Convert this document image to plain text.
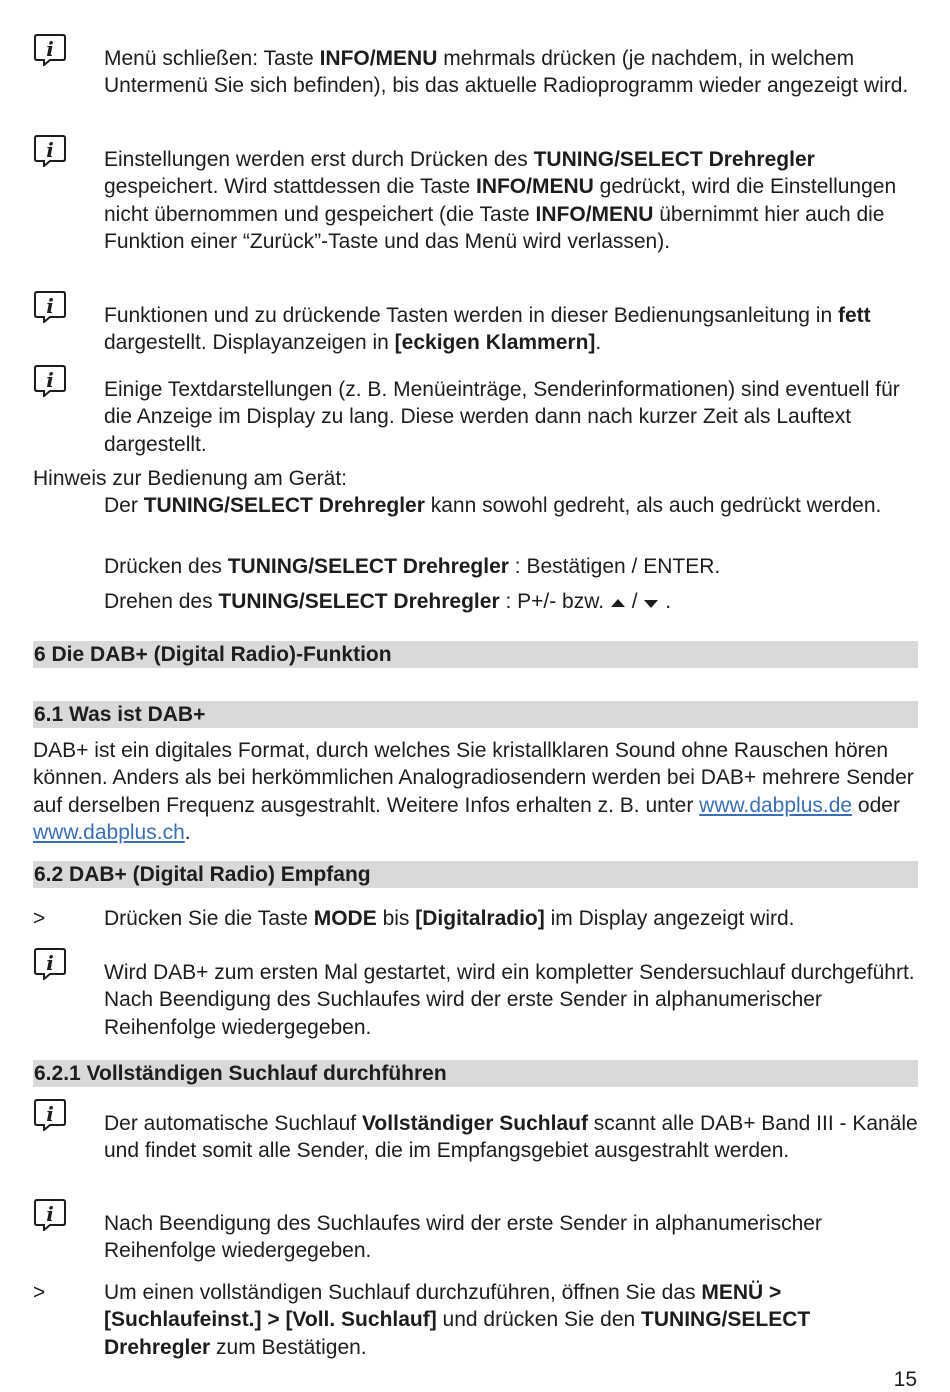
i Menü schließen: Taste INFO/MENU mehrmals drücken (je nachdem, in welchem Untermenü Sie sich befinden), bis das aktuelle Radioprogramm wieder angezeigt wird.
i Einstellungen werden erst durch Drücken des TUNING/SELECT Drehregler gespeichert. Wird stattdessen die Taste INFO/MENU gedrückt, wird die Einstellungen nicht übernommen und gespeichert (die Taste INFO/MENU übernimmt hier auch die Funktion einer “Zurück”-Taste und das Menü wird verlassen).
i Funktionen und zu drückende Tasten werden in dieser Bedienungsanleitung in fett dargestellt. Displayanzeigen in [eckigen Klammern].
i Einige Textdarstellungen (z. B. Menüeinträge, Senderinformationen) sind eventuell für die Anzeige im Display zu lang. Diese werden dann nach kurzer Zeit als Lauftext dargestellt.
Hinweis zur Bedienung am Gerät:
Der TUNING/SELECT Drehregler kann sowohl gedreht, als auch gedrückt werden.
Drücken des TUNING/SELECT Drehregler : Bestätigen / ENTER.
Drehen des TUNING/SELECT Drehregler : P+/- bzw.  /  .
6 Die DAB+ (Digital Radio)-Funktion
6.1 Was ist DAB+
DAB+ ist ein digitales Format, durch welches Sie kristallklaren Sound ohne Rauschen hören können. Anders als bei herkömmlichen Analogradiosendern werden bei DAB+ mehrere Sender auf derselben Frequenz ausgestrahlt. Weitere Infos erhalten z. B. unter www.dabplus.de oder www.dabplus.ch.
6.2 DAB+ (Digital Radio) Empfang
>	Drücken Sie die Taste MODE bis [Digitalradio] im Display angezeigt wird.
i Wird DAB+ zum ersten Mal gestartet, wird ein kompletter Sendersuchlauf durchgeführt. Nach Beendigung des Suchlaufes wird der erste Sender in alphanumerischer Reihenfolge wiedergegeben.
6.2.1 Vollständigen Suchlauf durchführen
i Der automatische Suchlauf Vollständiger Suchlauf scannt alle DAB+ Band III - Kanäle und findet somit alle Sender, die im Empfangsgebiet ausgestrahlt werden.
i Nach Beendigung des Suchlaufes wird der erste Sender in alphanumerischer Reihenfolge wiedergegeben.
>	Um einen vollständigen Suchlauf durchzuführen, öffnen Sie das MENÜ > [Suchlaufeinst.] > [Voll. Suchlauf] und drücken Sie den TUNING/SELECT Drehregler zum Bestätigen.
15
